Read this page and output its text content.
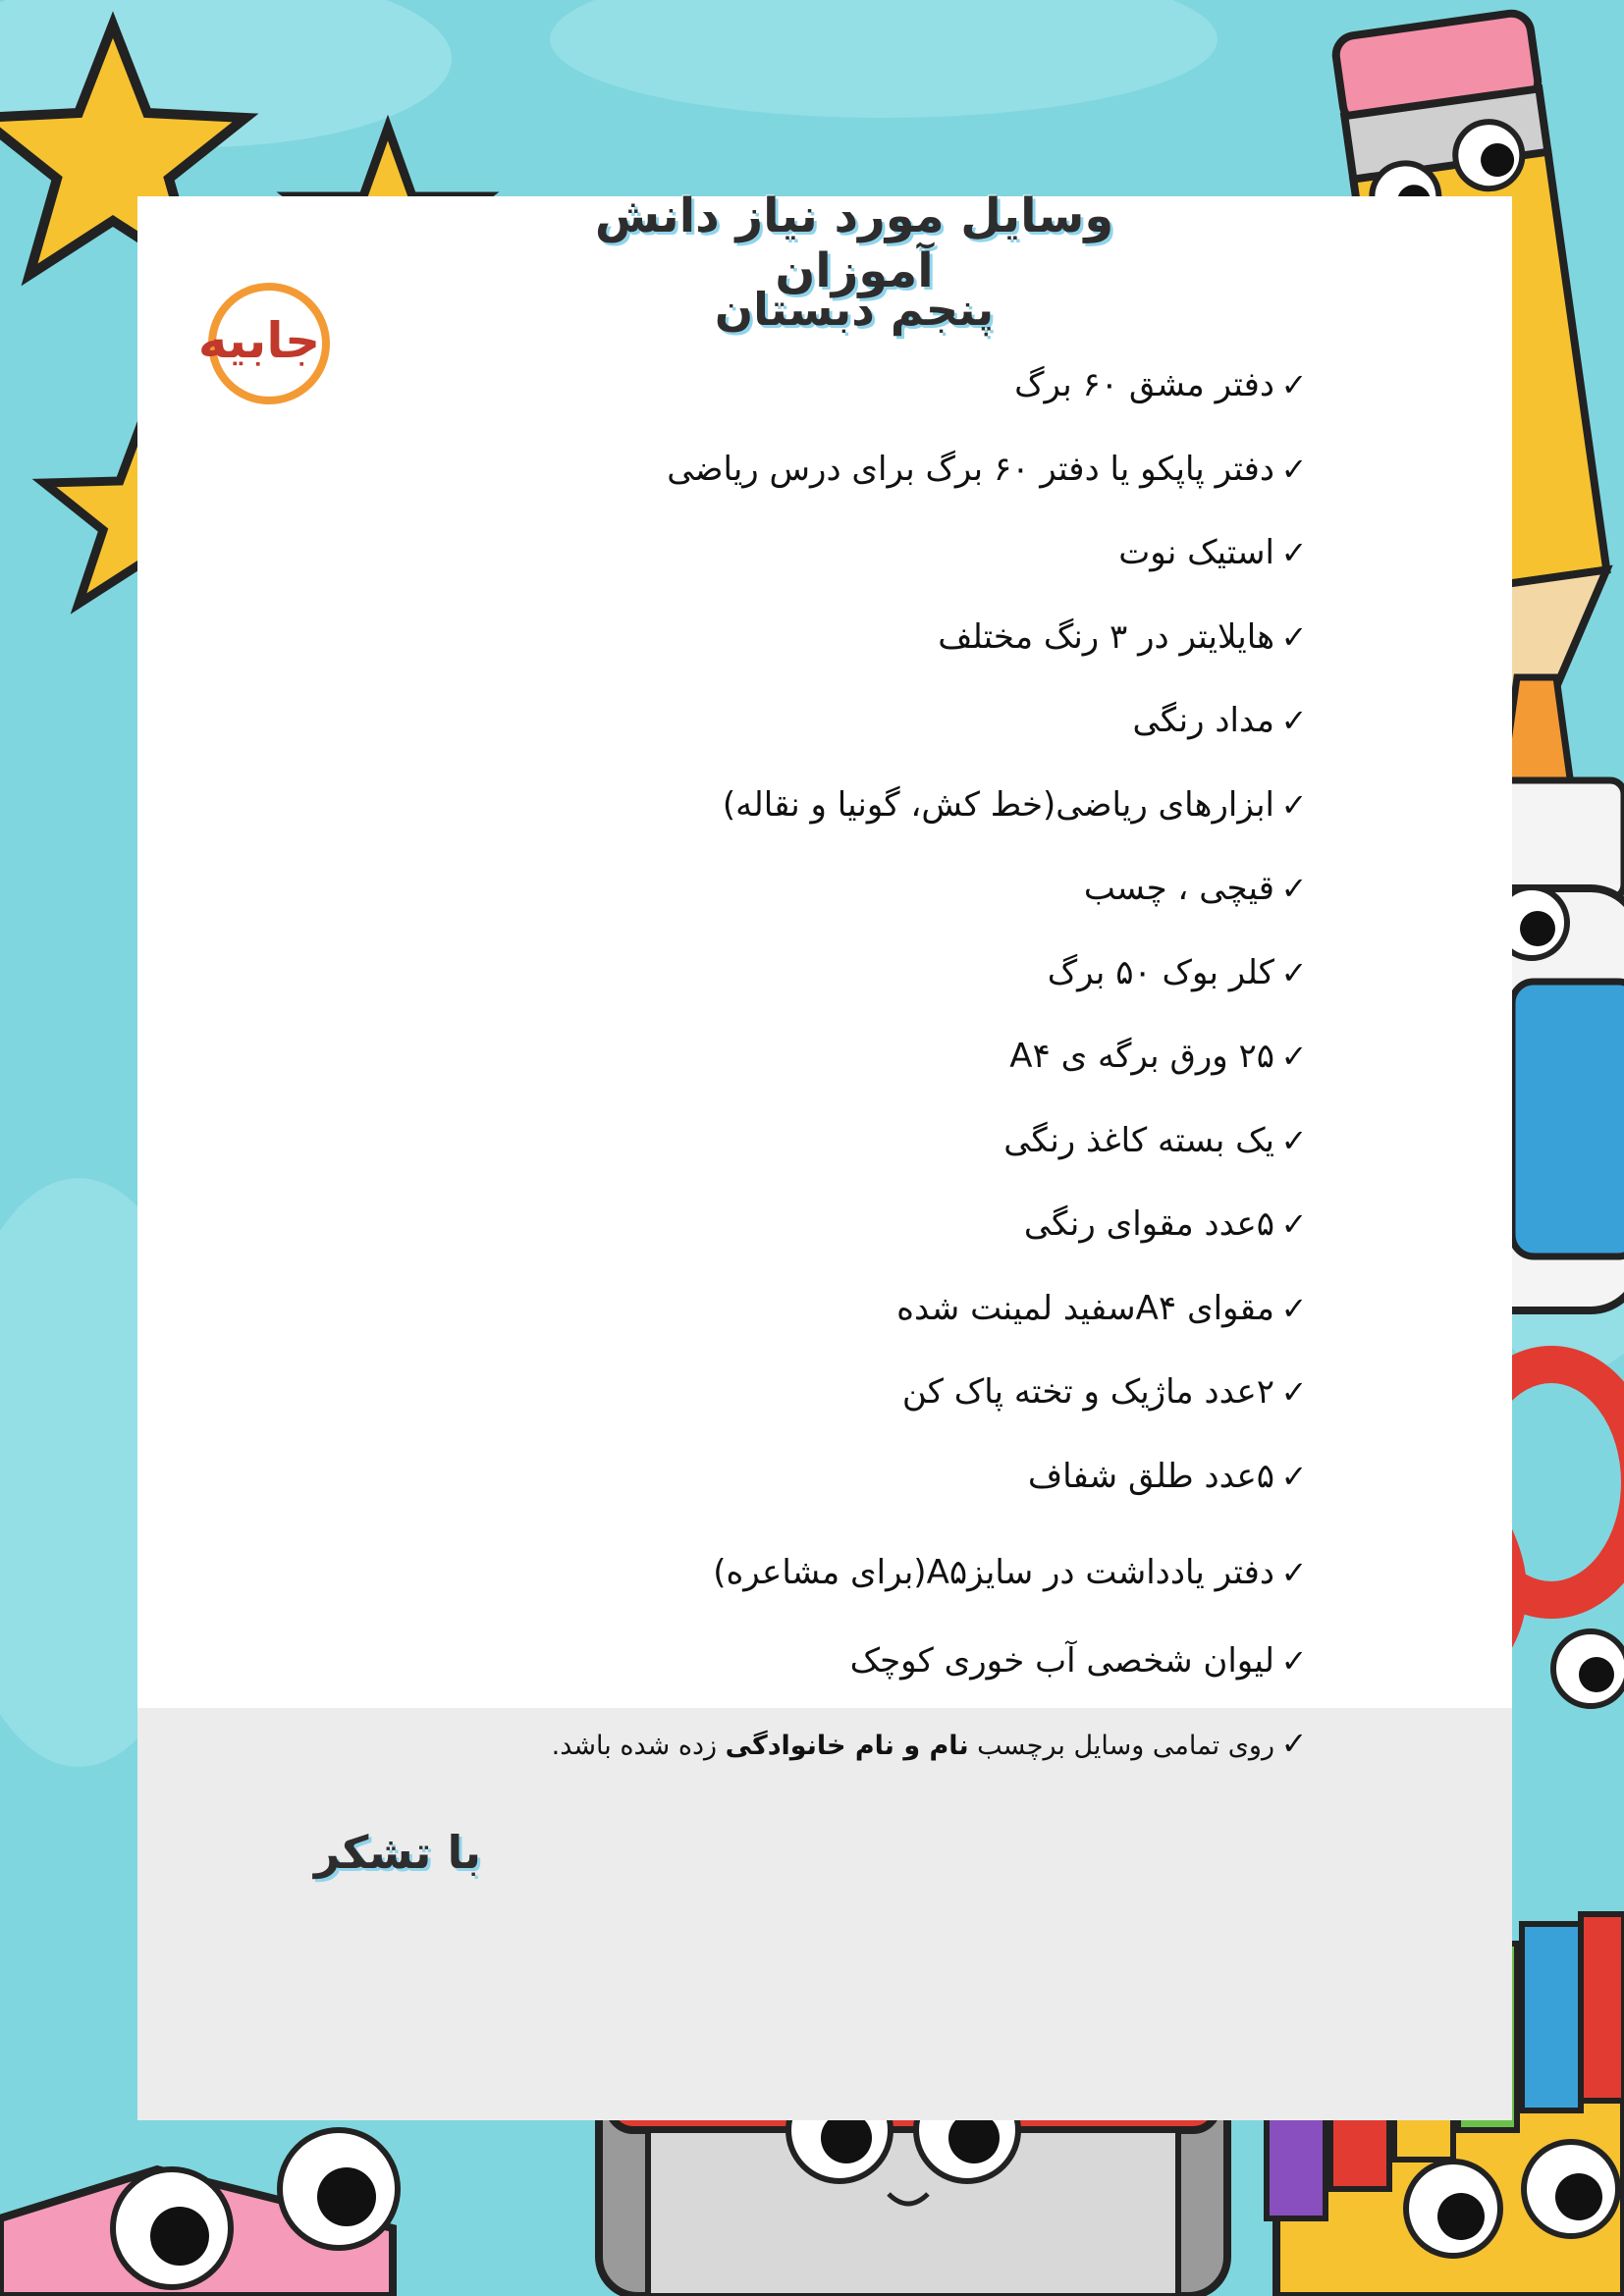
جابیه
وسایل مورد نیاز دانش آموزان
پنجم دبستان
✓دفتر مشق ۶۰ برگ
✓دفتر پاپکو یا دفتر ۶۰ برگ برای درس ریاضی
✓استیک نوت
✓هایلایتر در ۳ رنگ مختلف
✓مداد رنگی
✓ابزارهای ریاضی(خط کش، گونیا و نقاله)
✓قیچی ، چسب
✓کلر بوک ۵۰ برگ
✓۲۵ ورق برگه ی A۴
✓یک بسته کاغذ رنگی
✓۵عدد مقوای رنگی
✓مقوای A۴سفید لمینت شده
✓۲عدد ماژیک و تخته پاک کن
✓۵عدد طلق شفاف
✓دفتر یادداشت در سایزA۵(برای مشاعره)
✓لیوان شخصی آب خوری کوچک
✓روی تمامی وسایل برچسب نام و نام خانوادگی زده شده باشد.
با تشکر
